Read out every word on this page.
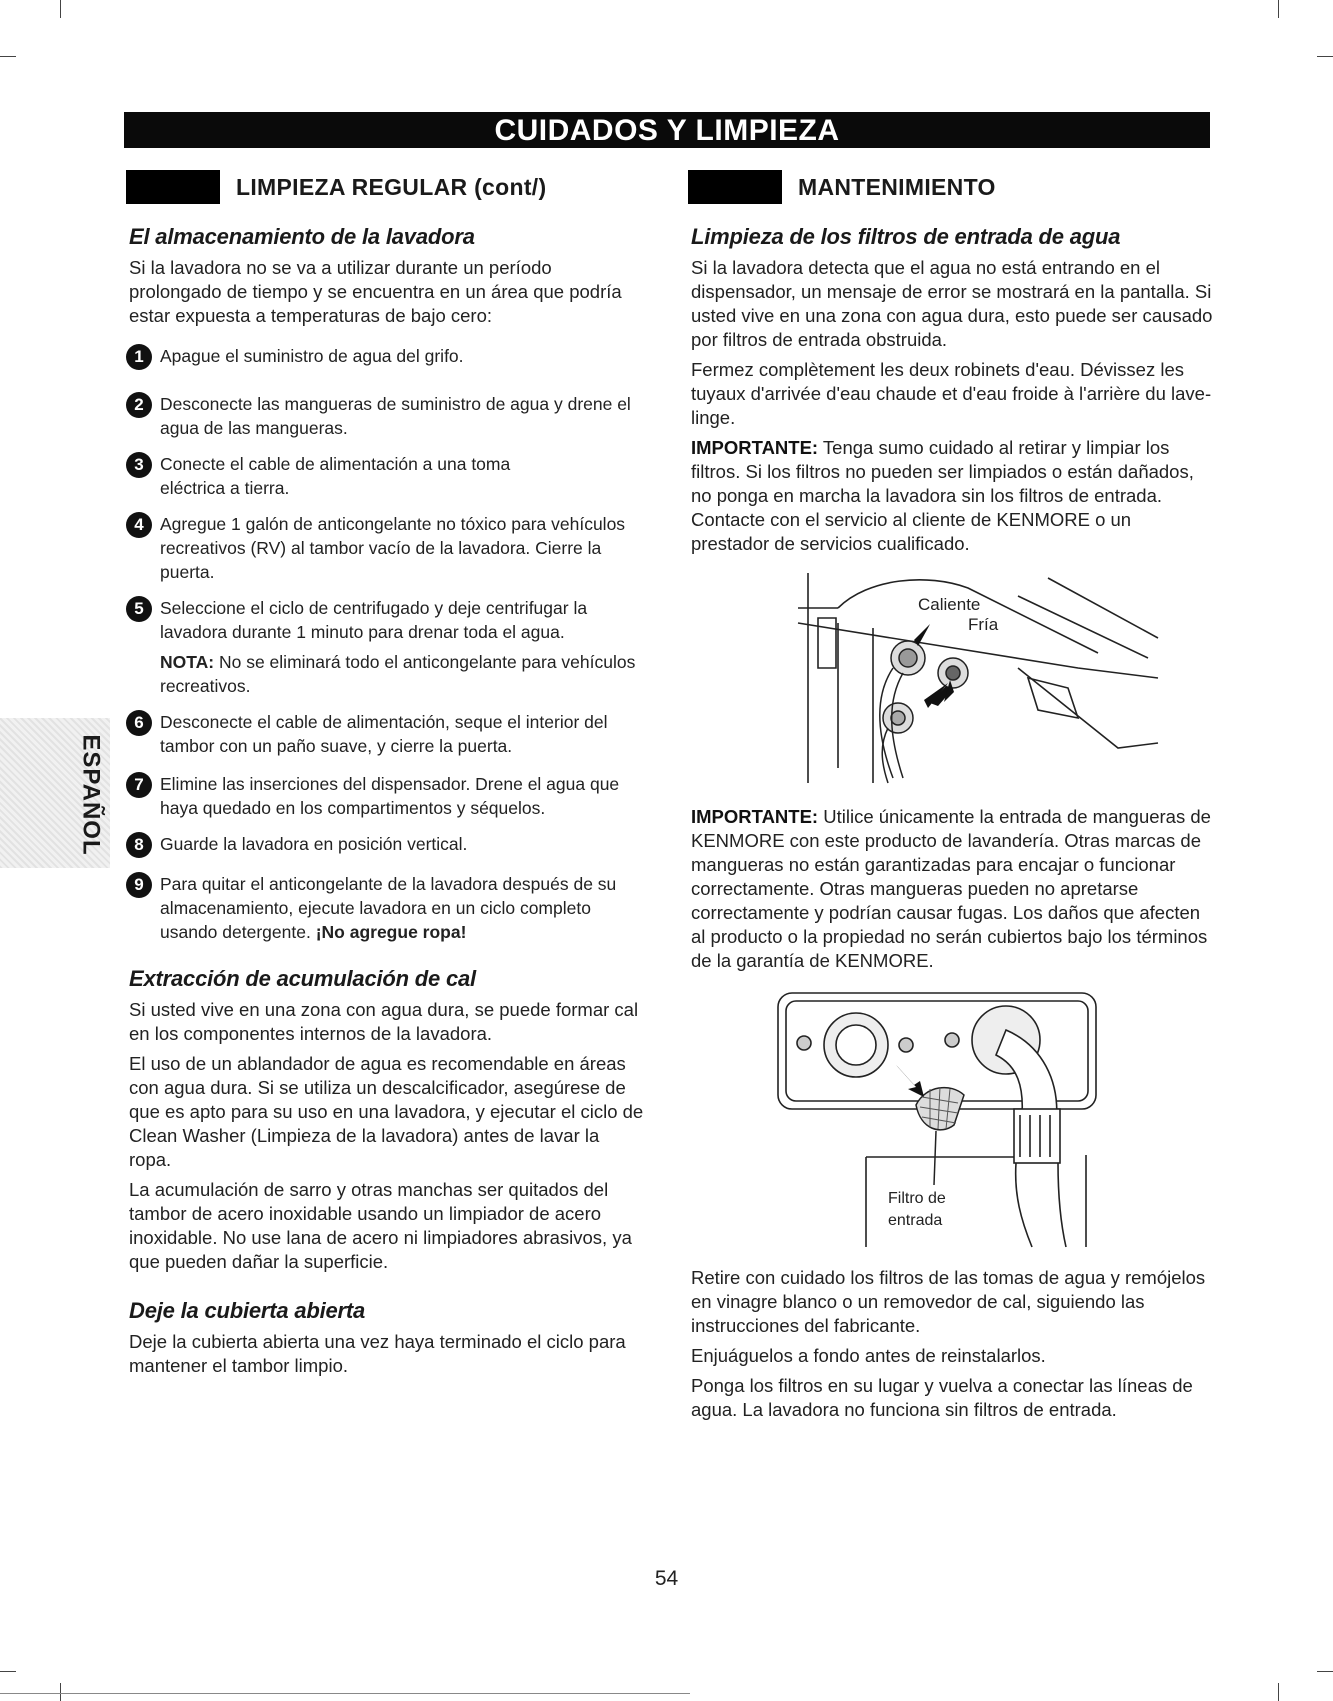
CUIDADOS Y LIMPIEZA
ESPAÑOL
LIMPIEZA REGULAR (cont/)
El almacenamiento de la lavadora
Si la lavadora no se va a utilizar durante un período prolongado de tiempo y se encuentra en un área que podría estar expuesta a temperaturas de bajo cero:
1 Apague el suministro de agua del grifo.
2 Desconecte las mangueras de suministro de agua y drene el agua de las mangueras.
3 Conecte el cable de alimentación a una toma eléctrica a tierra.
4 Agregue 1 galón de anticongelante no tóxico para vehículos recreativos (RV) al tambor vacío de la lavadora. Cierre la puerta.
5 Seleccione el ciclo de centrifugado y deje centrifugar la lavadora durante 1 minuto para drenar toda el agua.
NOTA: No se eliminará todo el anticongelante para vehículos recreativos.
6 Desconecte el cable de alimentación, seque el interior del tambor con un paño suave, y cierre la puerta.
7 Elimine las inserciones del dispensador. Drene el agua que haya quedado en los compartimentos y séquelos.
8 Guarde la lavadora en posición vertical.
9 Para quitar el anticongelante de la lavadora después de su almacenamiento, ejecute lavadora en un ciclo completo usando detergente. ¡No agregue ropa!
Extracción de acumulación de cal
Si usted vive en una zona con agua dura, se puede formar cal en los componentes internos de la lavadora.
El uso de un ablandador de agua es recomendable en áreas con agua dura. Si se utiliza un descalcificador, asegúrese de que es apto para su uso en una lavadora, y ejecutar el ciclo de Clean Washer (Limpieza de la lavadora) antes de lavar la ropa.
La acumulación de sarro y otras manchas ser quitados del tambor de acero inoxidable usando un limpiador de acero inoxidable. No use lana de acero ni limpiadores abrasivos, ya que pueden dañar la superficie.
Deje la cubierta abierta
Deje la cubierta abierta una vez haya terminado el ciclo para mantener el tambor limpio.
MANTENIMIENTO
Limpieza de los filtros de entrada de agua
Si la lavadora detecta que el agua no está entrando en el dispensador, un mensaje de error se mostrará en la pantalla. Si usted vive en una zona con agua dura, esto puede ser causado por filtros de entrada obstruida.
Fermez complètement les deux robinets d'eau. Dévissez les tuyaux d'arrivée d'eau chaude et d'eau froide à l'arrière du lave-linge.
IMPORTANTE: Tenga sumo cuidado al retirar y limpiar los filtros. Si los filtros no pueden ser limpiados o están dañados, no ponga en marcha la lavadora sin los filtros de entrada. Contacte con el servicio al cliente de KENMORE o un prestador de servicios cualificado.
Caliente
Fría
IMPORTANTE: Utilice únicamente la entrada de mangueras de KENMORE con este producto de lavandería. Otras marcas de mangueras no están garantizadas para encajar o funcionar correctamente. Otras mangueras pueden no apretarse correctamente y podrían causar fugas. Los daños que afecten al producto o la propiedad no serán cubiertos bajo los términos de la garantía de KENMORE.
Filtro de
entrada
Retire con cuidado los filtros de las tomas de agua y remójelos en vinagre blanco o un removedor de cal, siguiendo las instrucciones del fabricante.
Enjuáguelos a fondo antes de reinstalarlos.
Ponga los filtros en su lugar y vuelva a conectar las líneas de agua. La lavadora no funciona sin filtros de entrada.
54
